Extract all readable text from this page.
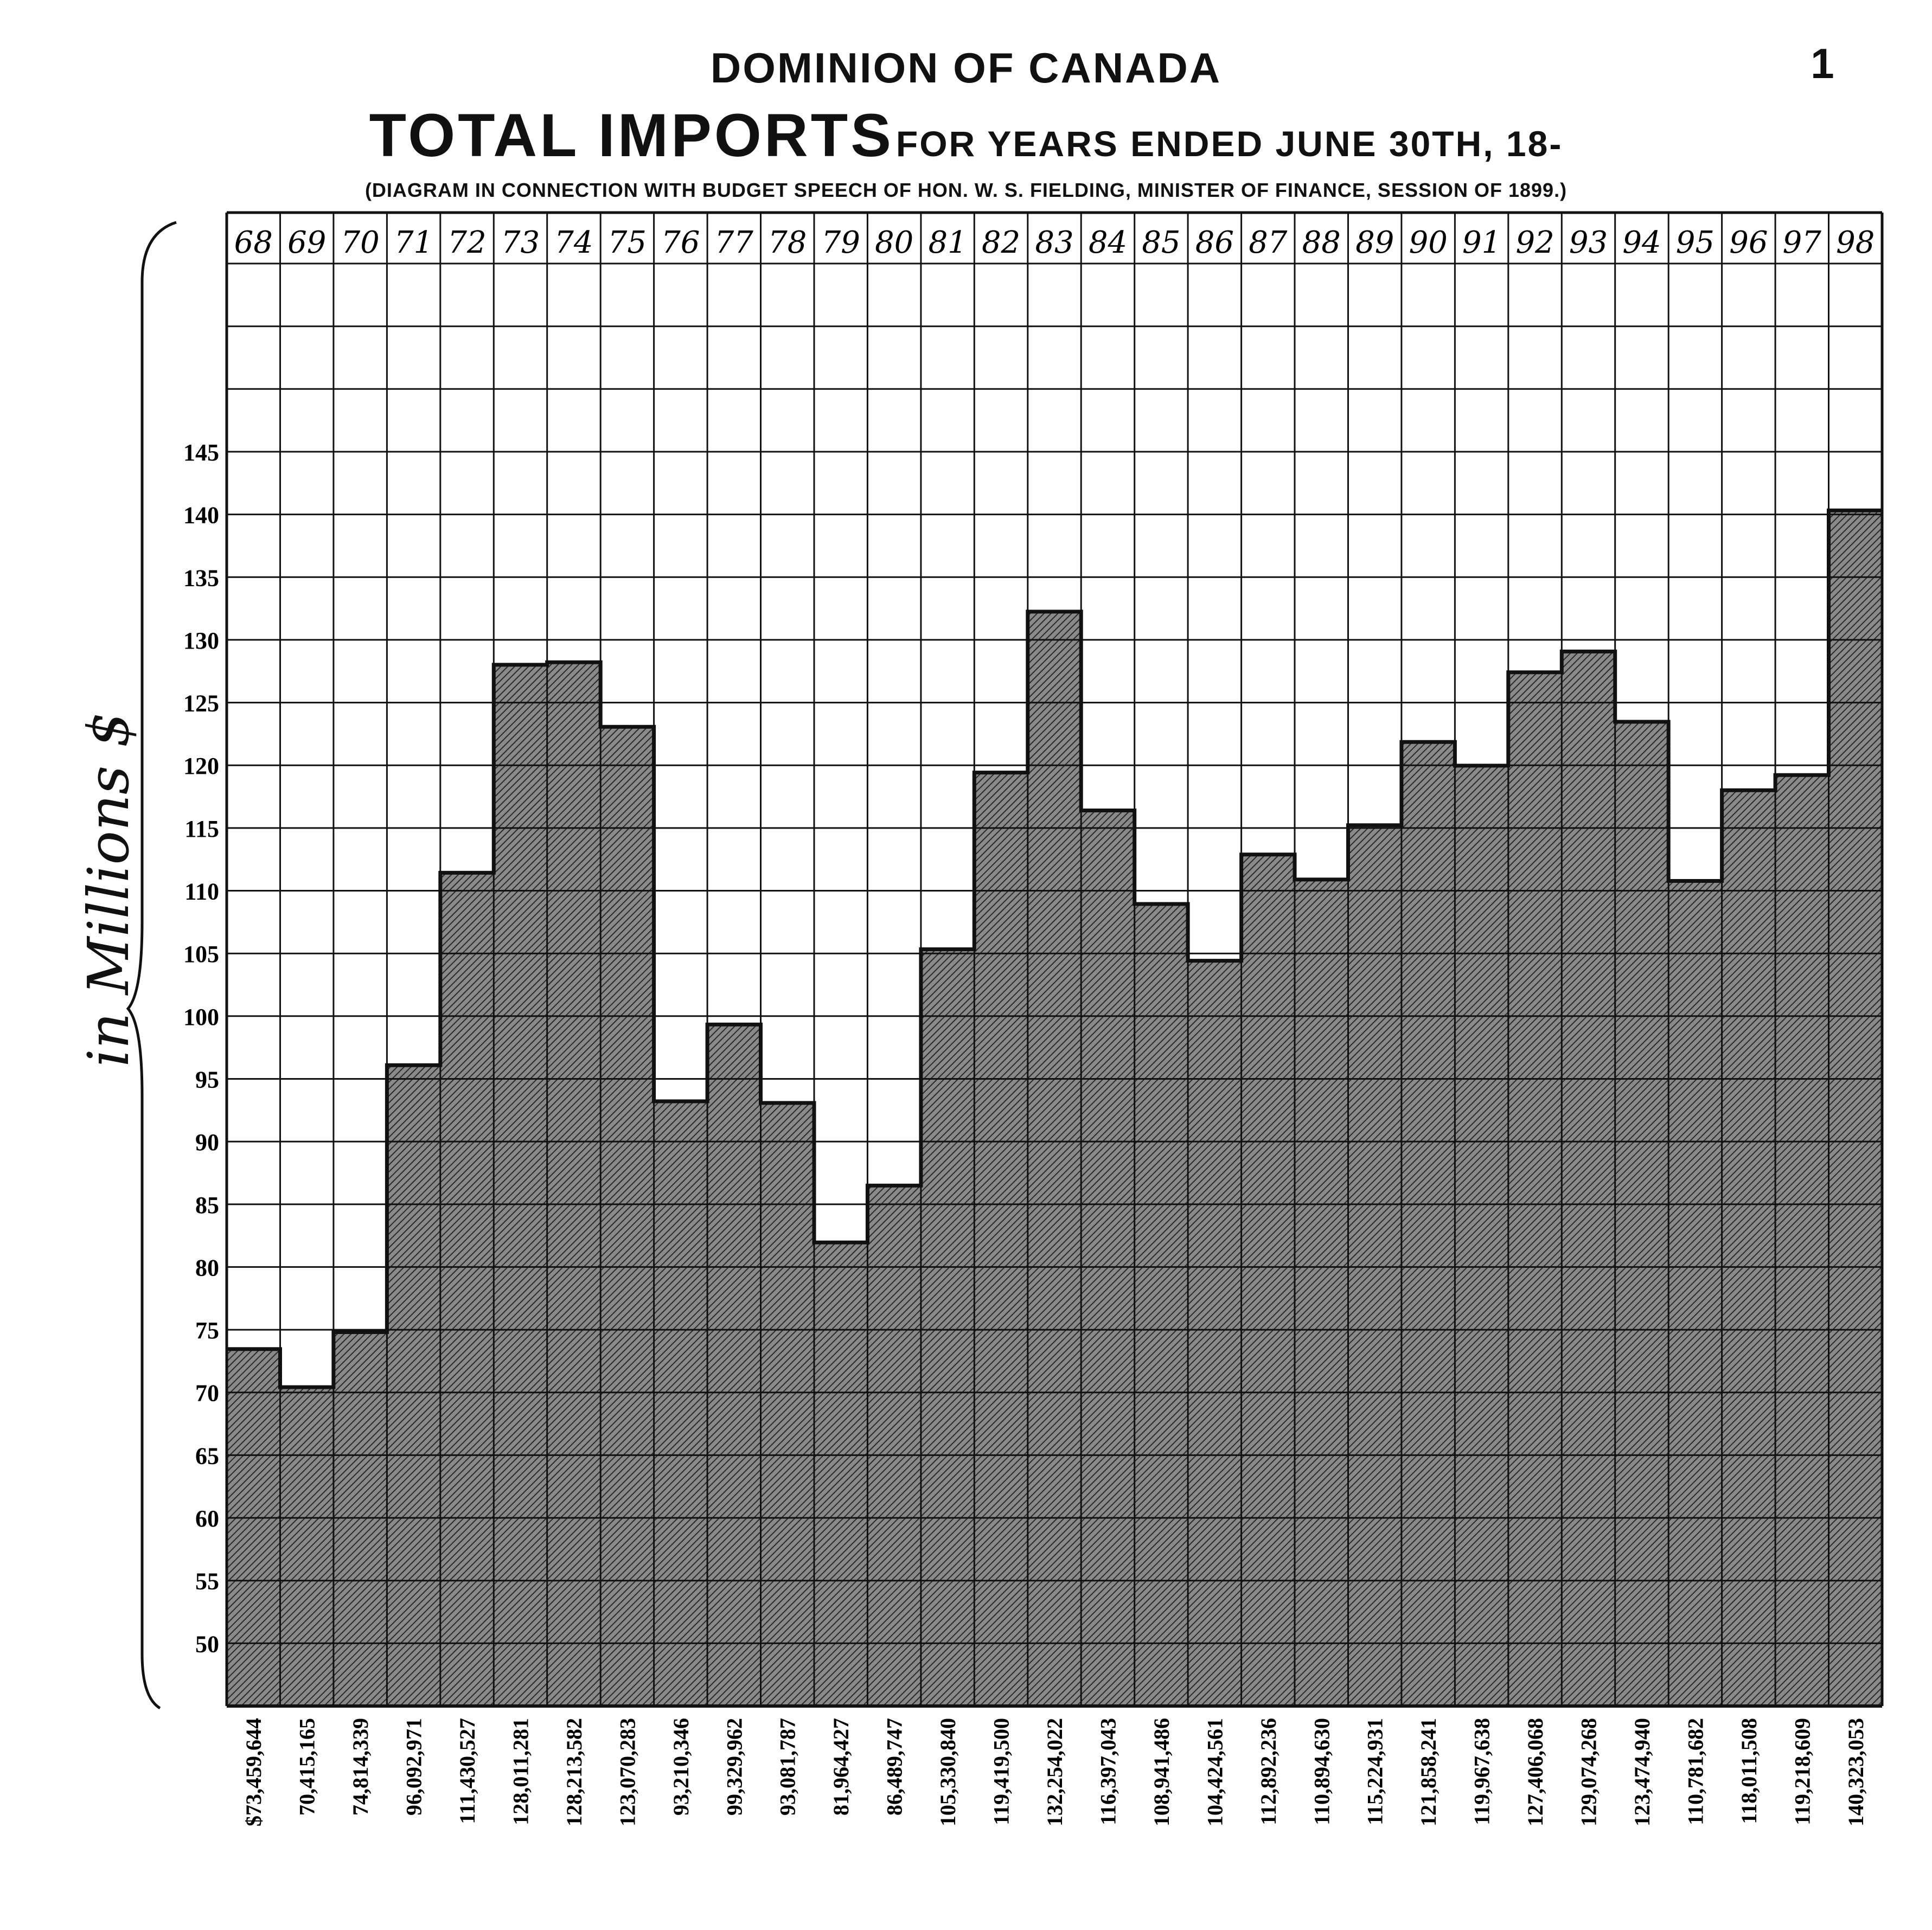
DOMINION OF CANADA	1
TOTAL IMPORTS FOR YEARS ENDED JUNE 30TH, 18-
(DIAGRAM IN CONNECTION WITH BUDGET SPEECH OF HON. W. S. FIELDING, MINISTER OF FINANCE, SESSION OF 1899.)
in Millions $
145
140
135
130
125
120
115
110
105
100
95
90
85
80
75
70
65
60
55
50
68 69 70 71 72 73 74 75 76 77 78 79 80 81 82 83 84 85 86 87 88 89 90 91 92 93 94 95 96 97 98
$73,459,644 70,415,165 74,814,339 96,092,971 111,430,527 128,011,281 128,213,582 123,070,283 93,210,346 99,329,962 93,081,787 81,964,427 86,489,747 105,330,840 119,419,500 132,254,022 116,397,043 108,941,486 104,424,561 112,892,236 110,894,630 115,224,931 121,858,241 119,967,638 127,406,068 129,074,268 123,474,940 110,781,682 118,011,508 119,218,609 140,323,053
